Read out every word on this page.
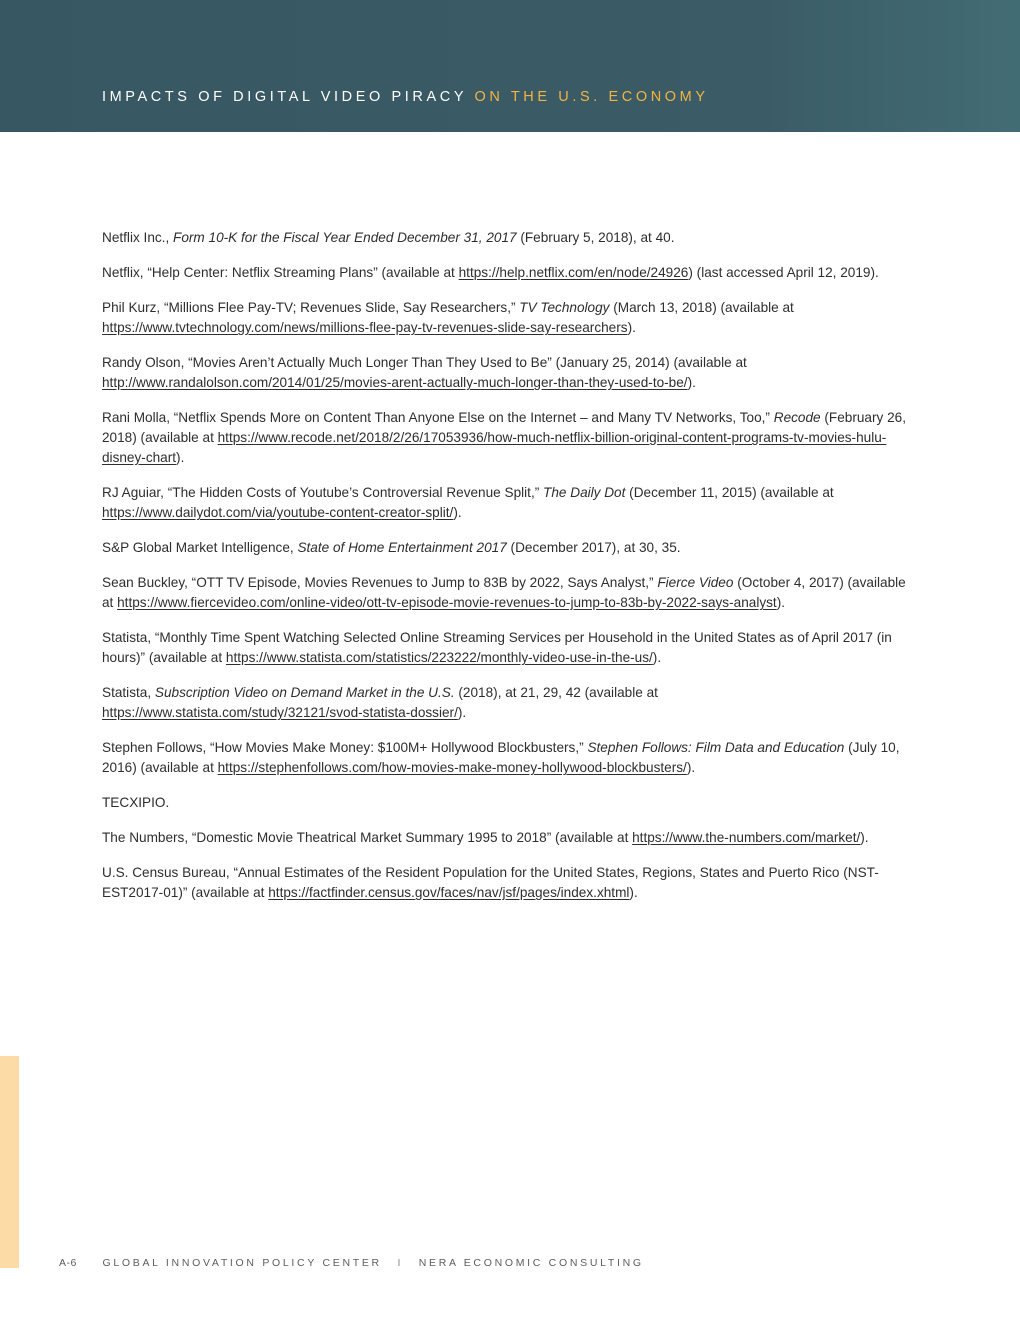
IMPACTS OF DIGITAL VIDEO PIRACY ON THE U.S. ECONOMY

Netflix Inc., Form 10-K for the Fiscal Year Ended December 31, 2017 (February 5, 2018), at 40.

Netflix, “Help Center: Netflix Streaming Plans” (available at https://help.netflix.com/en/node/24926) (last accessed April 12, 2019).

Phil Kurz, “Millions Flee Pay-TV; Revenues Slide, Say Researchers,” TV Technology (March 13, 2018) (available at https://www.tvtechnology.com/news/millions-flee-pay-tv-revenues-slide-say-researchers).

Randy Olson, “Movies Aren’t Actually Much Longer Than They Used to Be” (January 25, 2014) (available at http://www.randalolson.com/2014/01/25/movies-arent-actually-much-longer-than-they-used-to-be/).

Rani Molla, “Netflix Spends More on Content Than Anyone Else on the Internet – and Many TV Networks, Too,” Recode (February 26, 2018) (available at https://www.recode.net/2018/2/26/17053936/how-much-netflix-billion-original-content-programs-tv-movies-hulu-disney-chart).

RJ Aguiar, “The Hidden Costs of Youtube’s Controversial Revenue Split,” The Daily Dot (December 11, 2015) (available at https://www.dailydot.com/via/youtube-content-creator-split/).

S&P Global Market Intelligence, State of Home Entertainment 2017 (December 2017), at 30, 35.

Sean Buckley, “OTT TV Episode, Movies Revenues to Jump to 83B by 2022, Says Analyst,” Fierce Video (October 4, 2017) (available at https://www.fiercevideo.com/online-video/ott-tv-episode-movie-revenues-to-jump-to-83b-by-2022-says-analyst).

Statista, “Monthly Time Spent Watching Selected Online Streaming Services per Household in the United States as of April 2017 (in hours)” (available at https://www.statista.com/statistics/223222/monthly-video-use-in-the-us/).

Statista, Subscription Video on Demand Market in the U.S. (2018), at 21, 29, 42 (available at https://www.statista.com/study/32121/svod-statista-dossier/).

Stephen Follows, “How Movies Make Money: $100M+ Hollywood Blockbusters,” Stephen Follows: Film Data and Education (July 10, 2016) (available at https://stephenfollows.com/how-movies-make-money-hollywood-blockbusters/).

TECXIPIO.

The Numbers, “Domestic Movie Theatrical Market Summary 1995 to 2018” (available at https://www.the-numbers.com/market/).

U.S. Census Bureau, “Annual Estimates of the Resident Population for the United States, Regions, States and Puerto Rico (NST-EST2017-01)” (available at https://factfinder.census.gov/faces/nav/jsf/pages/index.xhtml).

A-6 GLOBAL INNOVATION POLICY CENTER I NERA ECONOMIC CONSULTING
